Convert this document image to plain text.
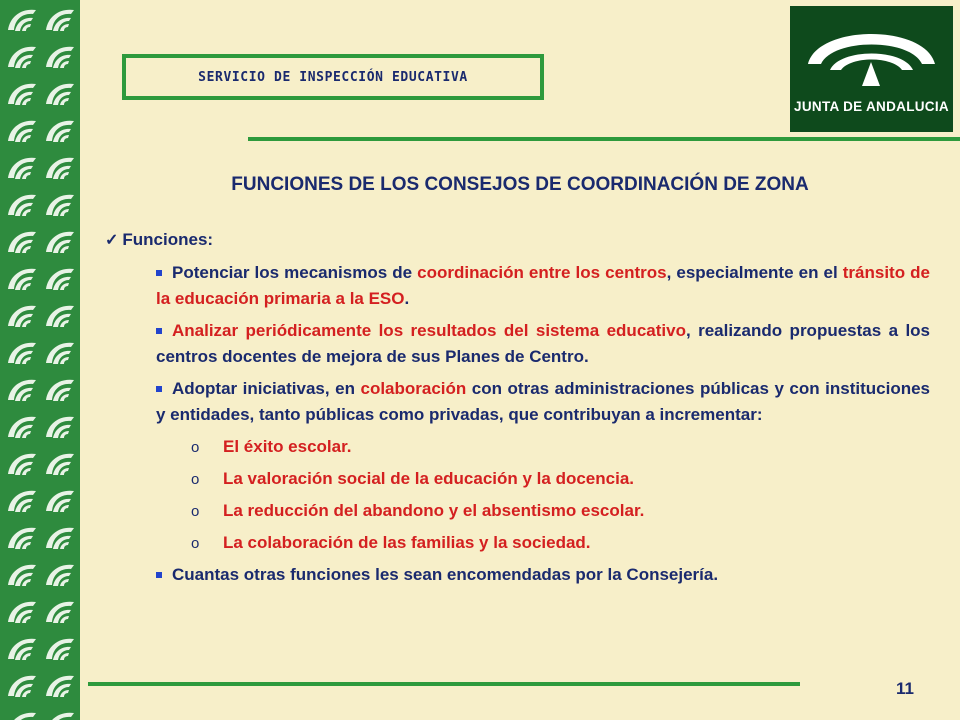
SERVICIO DE INSPECCIÓN EDUCATIVA
JUNTA DE ANDALUCIA
FUNCIONES DE LOS CONSEJOS DE COORDINACIÓN DE ZONA
✓ Funciones:
Potenciar los mecanismos de coordinación entre los centros, especialmente en el tránsito de la educación primaria a la ESO.
Analizar periódicamente los resultados del sistema educativo, realizando propuestas a los centros docentes de mejora de sus Planes de Centro.
Adoptar iniciativas, en colaboración con otras administraciones públicas y con instituciones y entidades, tanto públicas como privadas, que contribuyan a incrementar:
o El éxito escolar.
o La valoración social de la educación y la docencia.
o La reducción del abandono y el absentismo escolar.
o La colaboración de las familias y la sociedad.
Cuantas otras funciones les sean encomendadas por la Consejería.
11
